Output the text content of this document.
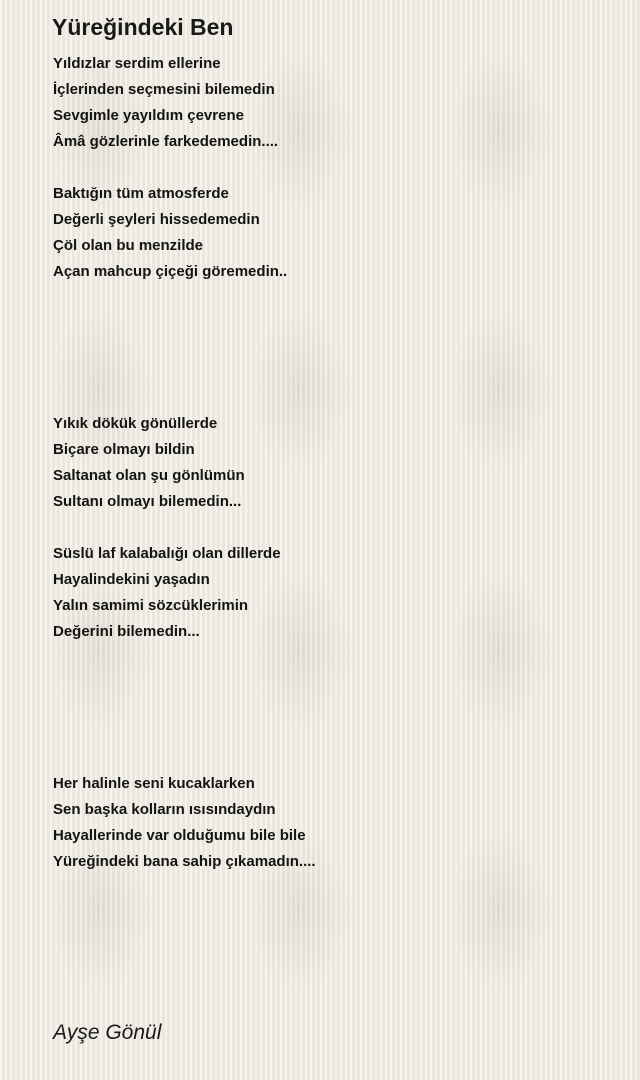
Yüreğindeki Ben
Yıldızlar serdim ellerine
İçlerinden seçmesini bilemedin
Sevgimle yayıldım çevrene
Âmâ gözlerinle farkedemedin....
Baktığın tüm atmosferde
Değerli şeyleri hissedemedin
Çöl olan bu menzilde
Açan mahcup çiçeği göremedin..
Yıkık dökük gönüllerde
Biçare olmayı bildin
Saltanat olan şu gönlümün
Sultanı olmayı bilemedin...
Süslü laf kalabalığı olan dillerde
Hayalindekini yaşadın
Yalın samimi sözcüklerimin
Değerini bilemedin...
Her halinle seni kucaklarken
Sen başka kolların ısısındaydın
Hayallerinde var olduğumu bile bile
Yüreğindeki bana sahip çıkamadın....

Ayşe Gönül
